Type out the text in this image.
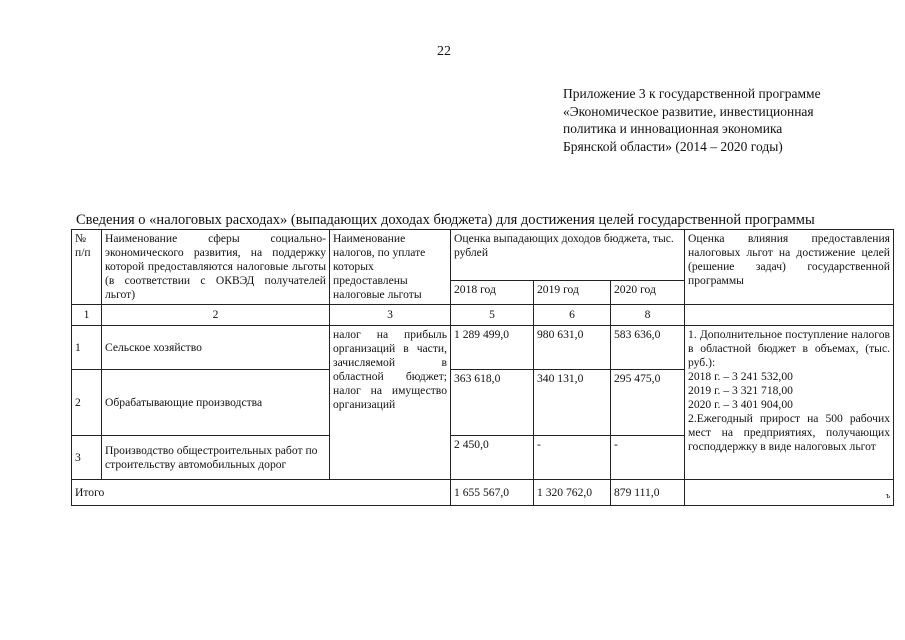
22
Приложение 3 к государственной программе
«Экономическое развитие, инвестиционная
политика и инновационная экономика
Брянской области» (2014 – 2020 годы)
Сведения о «налоговых расходах» (выпадающих доходах бюджета) для достижения целей государственной программы
№ п/п	Наименование сферы социально-экономического развития, на поддержку которой предоставляются налоговые льготы (в соответствии с ОКВЭД получателей льгот)	Наименование налогов, по уплате которых предоставлены налоговые льготы	Оценка выпадающих доходов бюджета, тыс. рублей			Оценка влияния предоставления налоговых льгот на достижение целей (решение задач) государственной программы
			2018 год	2019 год	2020 год	
1	2	3	5	6	8	
1	Сельское хозяйство	налог на прибыль организаций в части, зачисляемой в областной бюджет; налог на имущество организаций	1 289 499,0	980 631,0	583 636,0	1. Дополнительное поступление налогов в областной бюджет в объемах, (тыс. руб.):
2018 г. – 3 241 532,00
2019 г. – 3 321 718,00
2020 г. – 3 401 904,00
2.Ежегодный прирост на 500 рабочих мест на предприятиях, получающих господдержку в виде налоговых льгот

2	Обрабатывающие производства		363 618,0	340 131,0	295 475,0	
3	Производство общестроительных работ по строительству автомобильных дорог		2 450,0	-	-	
Итого			1 655 567,0	1 320 762,0	879 111,0	ъ
